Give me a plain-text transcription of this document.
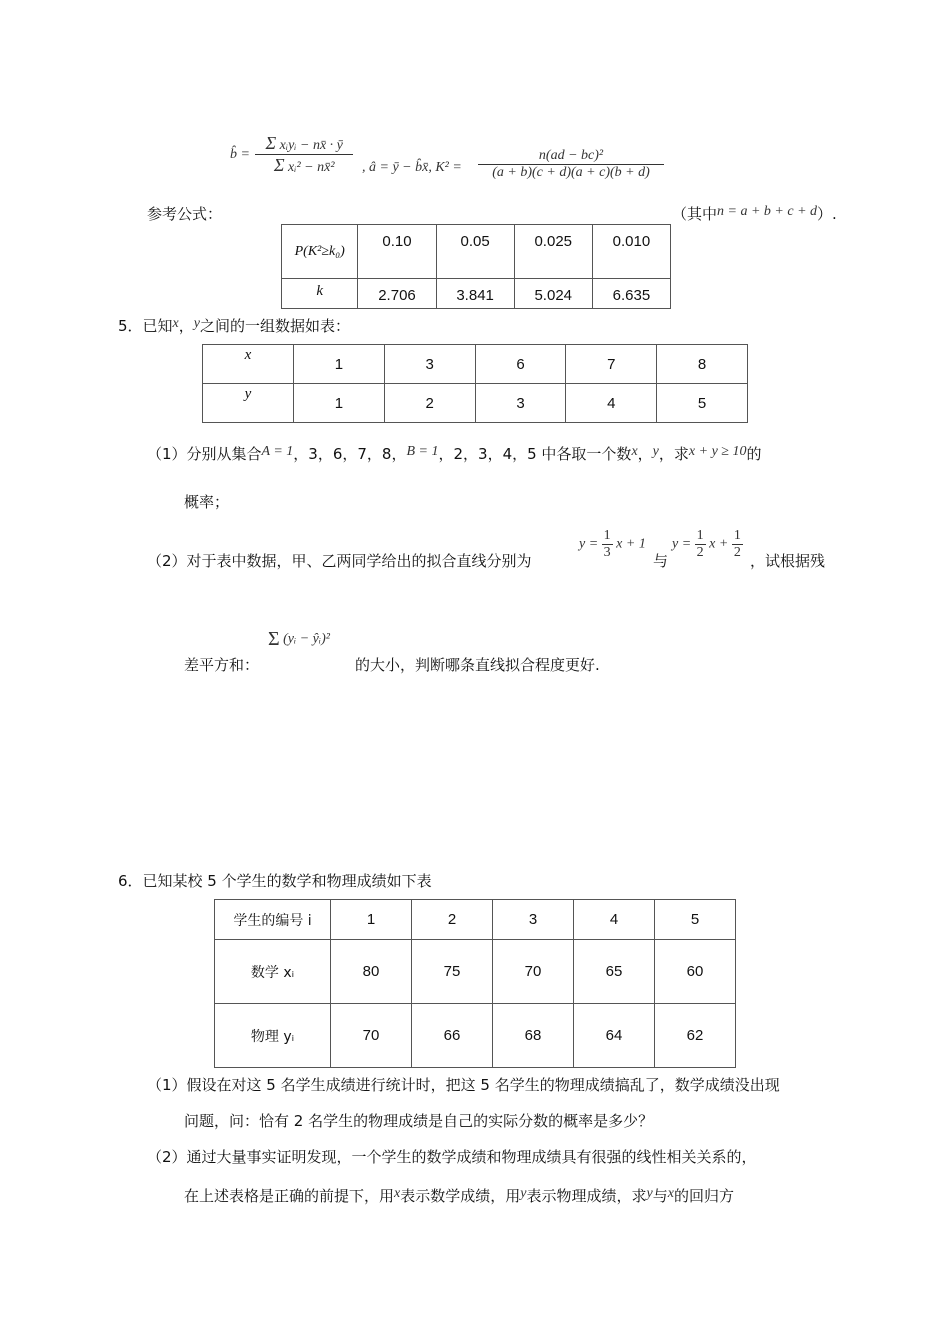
b̂ = $\frac{\text{Σ xᵢyᵢ − nx̄ · ȳ}}{\text{Σ xᵢ² − nx̄²}}$ , â = ȳ − b̂x̄, $K^2 = \frac{\text{n(ad − bc)²}}{(a + b)(c + d)(a + c)(b + d)}$
参考公式：	（其中n = a + b + c + d）.
P(K²≥k₀)	0.10	0.05	0.025	0.010
k	2.706	3.841	5.024	6.635
5．已知x，y之间的一组数据如表：
x	1	3	6	7	8
y	1	2	3	4	5
（1）分别从集合A = 1，3，6，7，8，B = 1，2，3，4，5 中各取一个数x，y，求x + y ≥ 10的
概率；
（2）对于表中数据，甲、乙两同学给出的拟合直线分别为
$y = \frac{1}{3}$ x + 1
与
$y = \frac{1}{2}$ $x + \frac{1}{2}$ ，试根据残
差平方和：
Σ (yᵢ − ŷᵢ)²
的大小，判断哪条直线拟合程度更好.
6．已知某校 5 个学生的数学和物理成绩如下表
学生的编号 i	1	2	3	4	5
数学 xᵢ	80	75	70	65	60
物理 yᵢ	70	66	68	64	62
（1）假设在对这 5 名学生成绩进行统计时，把这 5 名学生的物理成绩搞乱了，数学成绩没出现
问题，问：恰有 2 名学生的物理成绩是自己的实际分数的概率是多少？
（2）通过大量事实证明发现，一个学生的数学成绩和物理成绩具有很强的线性相关关系的，
在上述表格是正确的前提下，用x表示数学成绩，用y表示物理成绩，求y与x的回归方
